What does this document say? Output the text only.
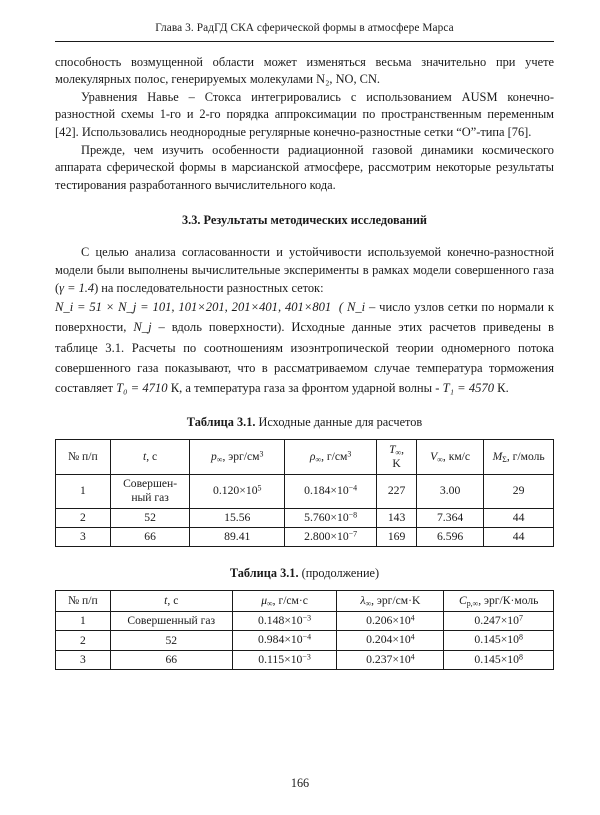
Глава 3. РадГД СКА сферической формы в атмосфере Марса

способность возмущенной области может изменяться весьма значительно при учете молекулярных полос, генерируемых молекулами N₂, NO, CN.

Уравнения Навье – Стокса интегрировались с использованием AUSM конечно-разностной схемы 1-го и 2-го порядка аппроксимации по пространственным переменным [42]. Использовались неоднородные регулярные конечно-разностные сетки “O”-типа [76].

Прежде, чем изучить особенности радиационной газовой динамики космического аппарата сферической формы в марсианской атмосфере, рассмотрим некоторые результаты тестирования разработанного вычислительного кода.

3.3. Результаты методических исследований

С целью анализа согласованности и устойчивости используемой конечно-разностной модели были выполнены вычислительные эксперименты в рамках модели совершенного газа (γ = 1.4) на последовательности разностных сеток:

N_i = 51 × N_j = 101, 101×201, 201×401, 401×801 ( N_i – число узлов сетки по нормали к поверхности, N_j – вдоль поверхности). Исходные данные этих расчетов приведены в таблице 3.1. Расчеты по соотношениям изоэнтропической теории одномерного потока совершенного газа показывают, что в рассматриваемом случае температура торможения составляет T₀ = 4710 К, а температура газа за фронтом ударной волны - T₁ = 4570 К.

Таблица 3.1. Исходные данные для расчетов
№ п/п	t, с	$p_\infty$, эрг/$см^3$	$\rho_\infty$, $г/см^3$	$T_\infty$,
K	$V_\infty$, км/с	$M_\Sigma$, г/моль
1	Совершен-
ный газ	$0.120\times 10^5$	$0.184\times 10^{-4}$	227	3.00	29
2	52	15.56	$5.760\times 10^{-8}$	143	7.364	44
3	66	89.41	$2.800\times 10^{-7}$	169	6.596	44
Таблица 3.1. (продолжение)
№ п/п	t, с	$\mu_\infty$, г/см·с	$\lambda_\infty$, эрг/см·K	$C_{p,\infty}$, эрг/К·моль
1	Совершенный газ	$0.148\times 10^{-3}$	$0.206\times 10^4$	$0.247\times 10^7$
2	52	$0.984\times 10^{-4}$	$0.204\times 10^4$	$0.145\times 10^8$
3	66	$0.115\times 10^{-3}$	$0.237\times 10^4$	$0.145\times 10^8$
166
